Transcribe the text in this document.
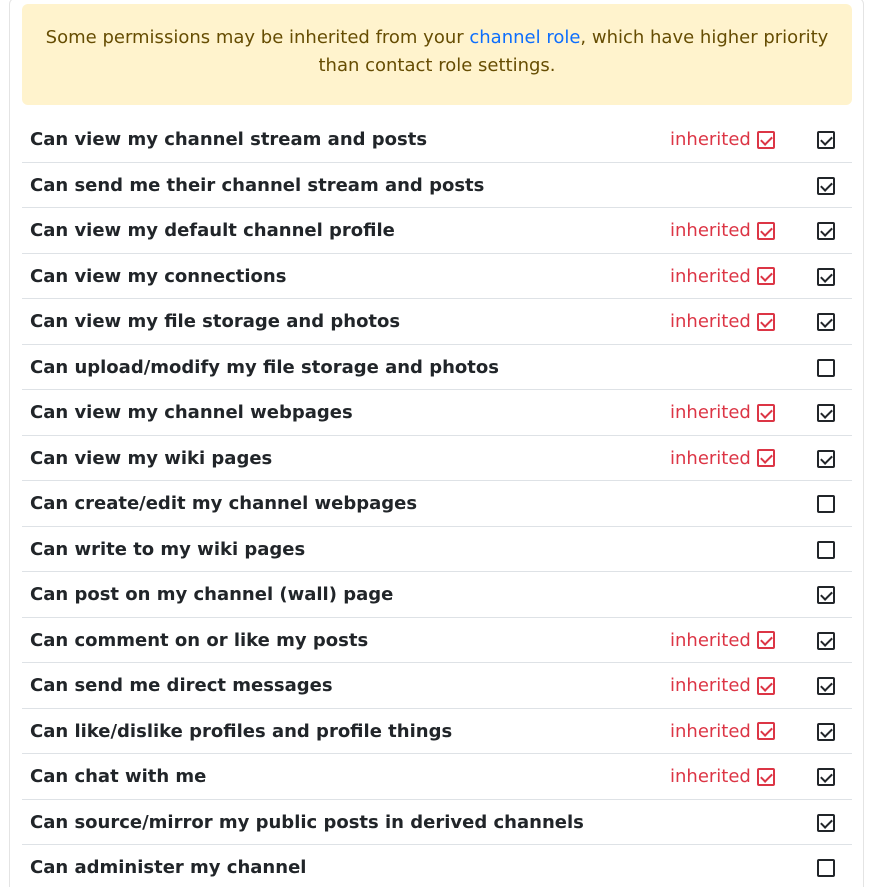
Some permissions may be inherited from your channel role, which have higher priority than contact role settings.
Can view my channel stream and posts	inherited
Can send me their channel stream and posts
Can view my default channel profile	inherited
Can view my connections	inherited
Can view my file storage and photos	inherited
Can upload/modify my file storage and photos
Can view my channel webpages	inherited
Can view my wiki pages	inherited
Can create/edit my channel webpages
Can write to my wiki pages
Can post on my channel (wall) page
Can comment on or like my posts	inherited
Can send me direct messages	inherited
Can like/dislike profiles and profile things	inherited
Can chat with me	inherited
Can source/mirror my public posts in derived channels
Can administer my channel
